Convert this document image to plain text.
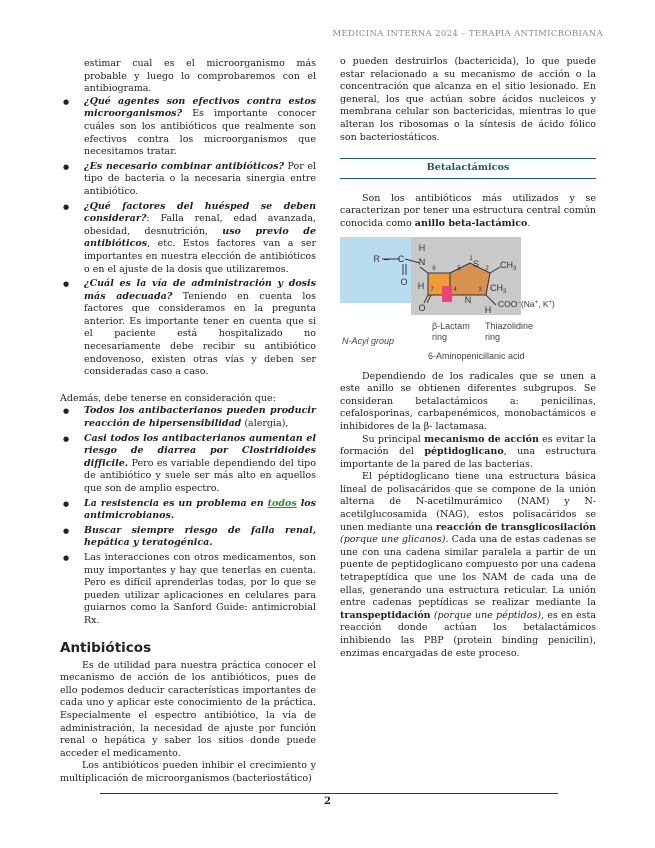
MEDICINA INTERNA 2024 – TERAPIA ANTIMICROBIANA

estimar cual es el microorganismo más probable y luego lo comprobaremos con el antibiograma.

● ¿Qué agentes son efectivos contra estos microorganismos? Es importante conocer cuáles son los antibióticos que realmente son efectivos contra los microorganismos que necesitamos tratar.
● ¿Es necesario combinar antibióticos? Por el tipo de bacteria o la necesaria sinergia entre antibiótico.
● ¿Qué factores del huésped se deben considerar?: Falla renal, edad avanzada, obesidad, desnutrición, uso previo de antibióticos, etc. Estos factores van a ser importantes en nuestra elección de antibióticos o en el ajuste de la dosis que utilizaremos.
● ¿Cuál es la vía de administración y dosis más adecuada? Teniendo en cuenta los factores que consideramos en la pregunta anterior. Es importante tener en cuenta que si el paciente está hospitalizado no necesariamente debe recibir su antibiótico endovenoso, existen otras vías y deben ser consideradas caso a caso.

Además, debe tenerse en consideración que:

● Todos los antibacterianos pueden producir reacción de hipersensibilidad (alergia),
● Casi todos los antibacterianos aumentan el riesgo de diarrea por Clostridioides difficile. Pero es variable dependiendo del tipo de antibiótico y suele ser más alto en aquellos que son de amplio espectro.
● La resistencia es un problema en todos los antimicrobianos.
● Buscar siempre riesgo de falla renal, hepática y teratogénica.
● Las interacciones con otros medicamentos, son muy importantes y hay que tenerlas en cuenta. Pero es difícil aprenderlas todas, por lo que se pueden utilizar aplicaciones en celulares para guiarnos como la Sanford Guide: antimicrobial Rx.
Antibióticos

Es de utilidad para nuestra práctica conocer el mecanismo de acción de los antibióticos, pues de ello podemos deducir características importantes de cada uno y aplicar este conocimiento de la práctica. Especialmente el espectro antibiótico, la vía de administración, la necesidad de ajuste por función renal o hepática y saber los sitios donde puede acceder el medicamento.

Los antibióticos pueden inhibir el crecimiento y multiplicación de microorganismos (bacteriostático)

o pueden destruirlos (bactericida), lo que puede estar relacionado a su mecanismo de acción o la concentración que alcanza en el sitio lesionado. En general, los que actúan sobre ácidos nucleicos y membrana celular son bactericidas, mientras lo que alteran los ribosomas o la síntesis de ácido fólico son bacteriostáticos.

Betalactámicos

Son los antibióticos más utilizados y se caracterizan por tener una estructura central común conocida como anillo beta-lactámico.

R – C
O
H
N
6	5
1
2
3
4
7
S $CH_3$
$CH_3$
H
O
N
H
COO−(Na+, K+)
β-Lactam
ring
Thiazolidine
ring
N-Acyl group
6-Aminopenicillanic acid

Dependiendo de los radicales que se unen a este anillo se obtienen diferentes subgrupos. Se consideran betalactámicos a: penicilinas, cefalosporinas, carbapenémicos, monobactámicos e inhibidores de la β- lactamasa.

Su principal mecanismo de acción es evitar la formación del péptidoglicano, una estructura importante de la pared de las bacterias.

El péptidoglicano tiene una estructura básica lineal de polisacáridos que se compone de la unión alterna de N-acetilmurámico (NAM) y N-acetilglucosamida (NAG), estos polisacáridos se unen mediante una reacción de transglicosilación (porque une glicanos). Cada una de estas cadenas se une con una cadena similar paralela a partir de un puente de peptidoglicano compuesto por una cadena tetrapeptídica que une los NAM de cada una de ellas, generando una estructura reticular. La unión entre cadenas peptídicas se realizar mediante la transpeptidación (porque une péptidos), es en esta reacción donde actúan los betalactámicos inhibiendo las PBP (protein binding penicilin), enzimas encargadas de este proceso.

2
